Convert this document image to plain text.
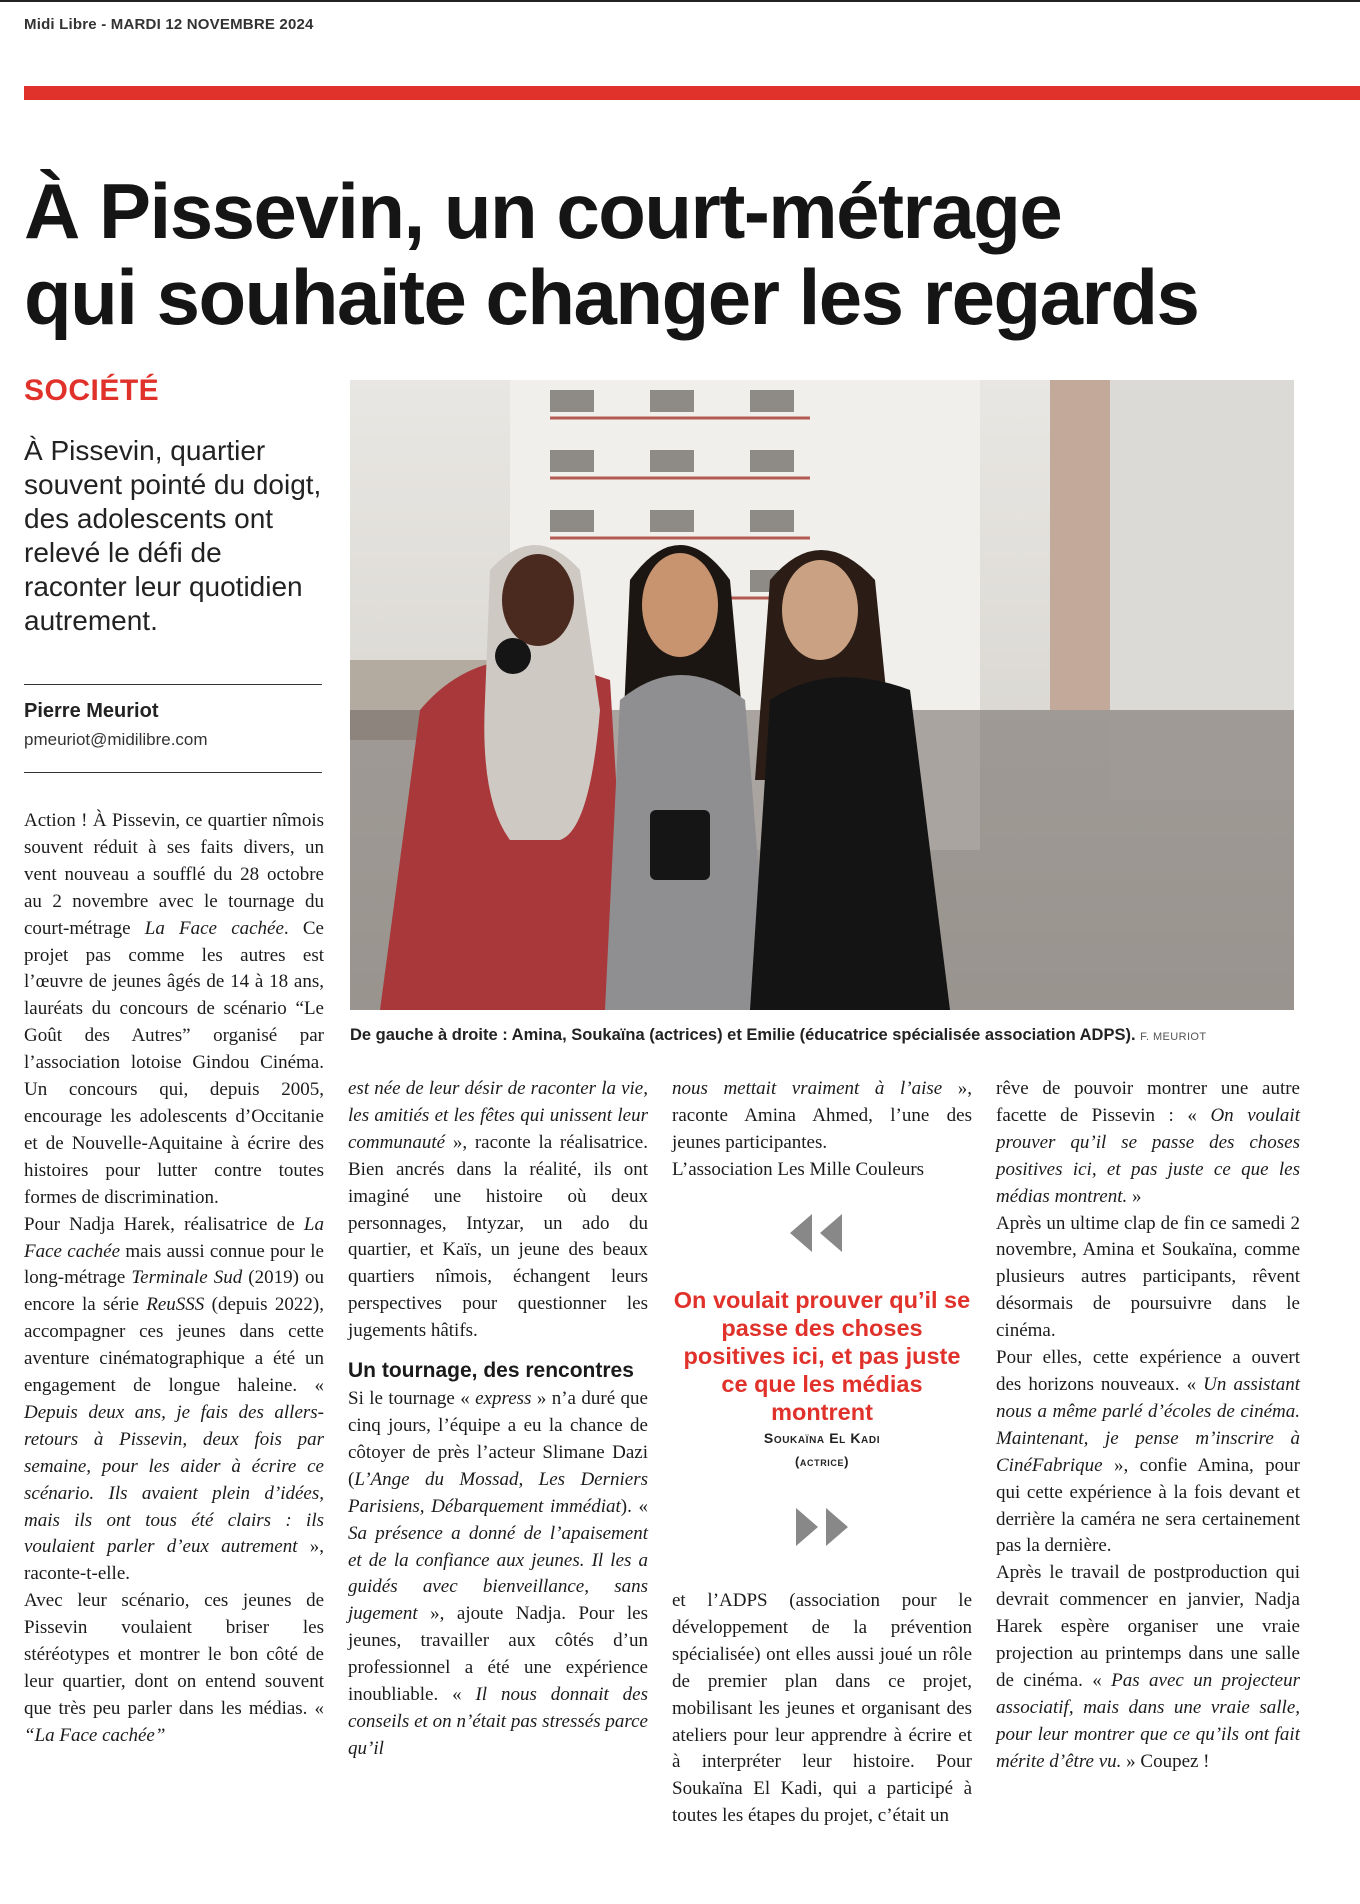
Midi Libre - MARDI 12 NOVEMBRE 2024
À Pissevin, un court-métrage
qui souhaite changer les regards
SOCIÉTÉ
À Pissevin, quartier souvent pointé du doigt, des adolescents ont relevé le défi de raconter leur quotidien autrement.
Pierre Meuriot
pmeuriot@midilibre.com
De gauche à droite : Amina, Soukaïna (actrices) et Emilie (éducatrice spécialisée association ADPS). F. MEURIOT

Action ! À Pissevin, ce quartier nîmois souvent réduit à ses faits divers, un vent nouveau a soufflé du 28 octobre au 2 novembre avec le tournage du court-métrage La Face cachée. Ce projet pas comme les autres est l’œuvre de jeunes âgés de 14 à 18 ans, lauréats du concours de scénario “Le Goût des Autres” organisé par l’association lotoise Gindou Cinéma. Un concours qui, depuis 2005, encourage les adolescents d’Occitanie et de Nouvelle-Aquitaine à écrire des histoires pour lutter contre toutes formes de discrimination.

Pour Nadja Harek, réalisatrice de La Face cachée mais aussi connue pour le long-métrage Terminale Sud (2019) ou encore la série ReuSSS (depuis 2022), accompagner ces jeunes dans cette aventure cinématographique a été un engagement de longue haleine. « Depuis deux ans, je fais des allers-retours à Pissevin, deux fois par semaine, pour les aider à écrire ce scénario. Ils avaient plein d’idées, mais ils ont tous été clairs : ils voulaient parler d’eux autrement », raconte-t-elle.

Avec leur scénario, ces jeunes de Pissevin voulaient briser les stéréotypes et montrer le bon côté de leur quartier, dont on entend souvent que très peu parler dans les médias. « “La Face cachée”

est née de leur désir de raconter la vie, les amitiés et les fêtes qui unissent leur communauté », raconte la réalisatrice. Bien ancrés dans la réalité, ils ont imaginé une histoire où deux personnages, Intyzar, un ado du quartier, et Kaïs, un jeune des beaux quartiers nîmois, échangent leurs perspectives pour questionner les jugements hâtifs.

Un tournage, des rencontres

Si le tournage « express » n’a duré que cinq jours, l’équipe a eu la chance de côtoyer de près l’acteur Slimane Dazi (L’Ange du Mossad, Les Derniers Parisiens, Débarquement immédiat). « Sa présence a donné de l’apaisement et de la confiance aux jeunes. Il les a guidés avec bienveillance, sans jugement », ajoute Nadja. Pour les jeunes, travailler aux côtés d’un professionnel a été une expérience inoubliable. « Il nous donnait des conseils et on n’était pas stressés parce qu’il

nous mettait vraiment à l’aise », raconte Amina Ahmed, l’une des jeunes participantes.

L’association Les Mille Couleurs

On voulait prouver qu’il se passe des choses positives ici, et pas juste ce que les médias montrent
Soukaïna El Kadi
(actrice)

et l’ADPS (association pour le développement de la prévention spécialisée) ont elles aussi joué un rôle de premier plan dans ce projet, mobilisant les jeunes et organisant des ateliers pour leur apprendre à écrire et à interpréter leur histoire. Pour Soukaïna El Kadi, qui a participé à toutes les étapes du projet, c’était un

rêve de pouvoir montrer une autre facette de Pissevin : « On voulait prouver qu’il se passe des choses positives ici, et pas juste ce que les médias montrent. »

Après un ultime clap de fin ce samedi 2 novembre, Amina et Soukaïna, comme plusieurs autres participants, rêvent désormais de poursuivre dans le cinéma.

Pour elles, cette expérience a ouvert des horizons nouveaux. « Un assistant nous a même parlé d’écoles de cinéma. Maintenant, je pense m’inscrire à CinéFabrique », confie Amina, pour qui cette expérience à la fois devant et derrière la caméra ne sera certainement pas la dernière.

Après le travail de postproduction qui devrait commencer en janvier, Nadja Harek espère organiser une vraie projection au printemps dans une salle de cinéma. « Pas avec un projecteur associatif, mais dans une vraie salle, pour leur montrer que ce qu’ils ont fait mérite d’être vu. » Coupez !
